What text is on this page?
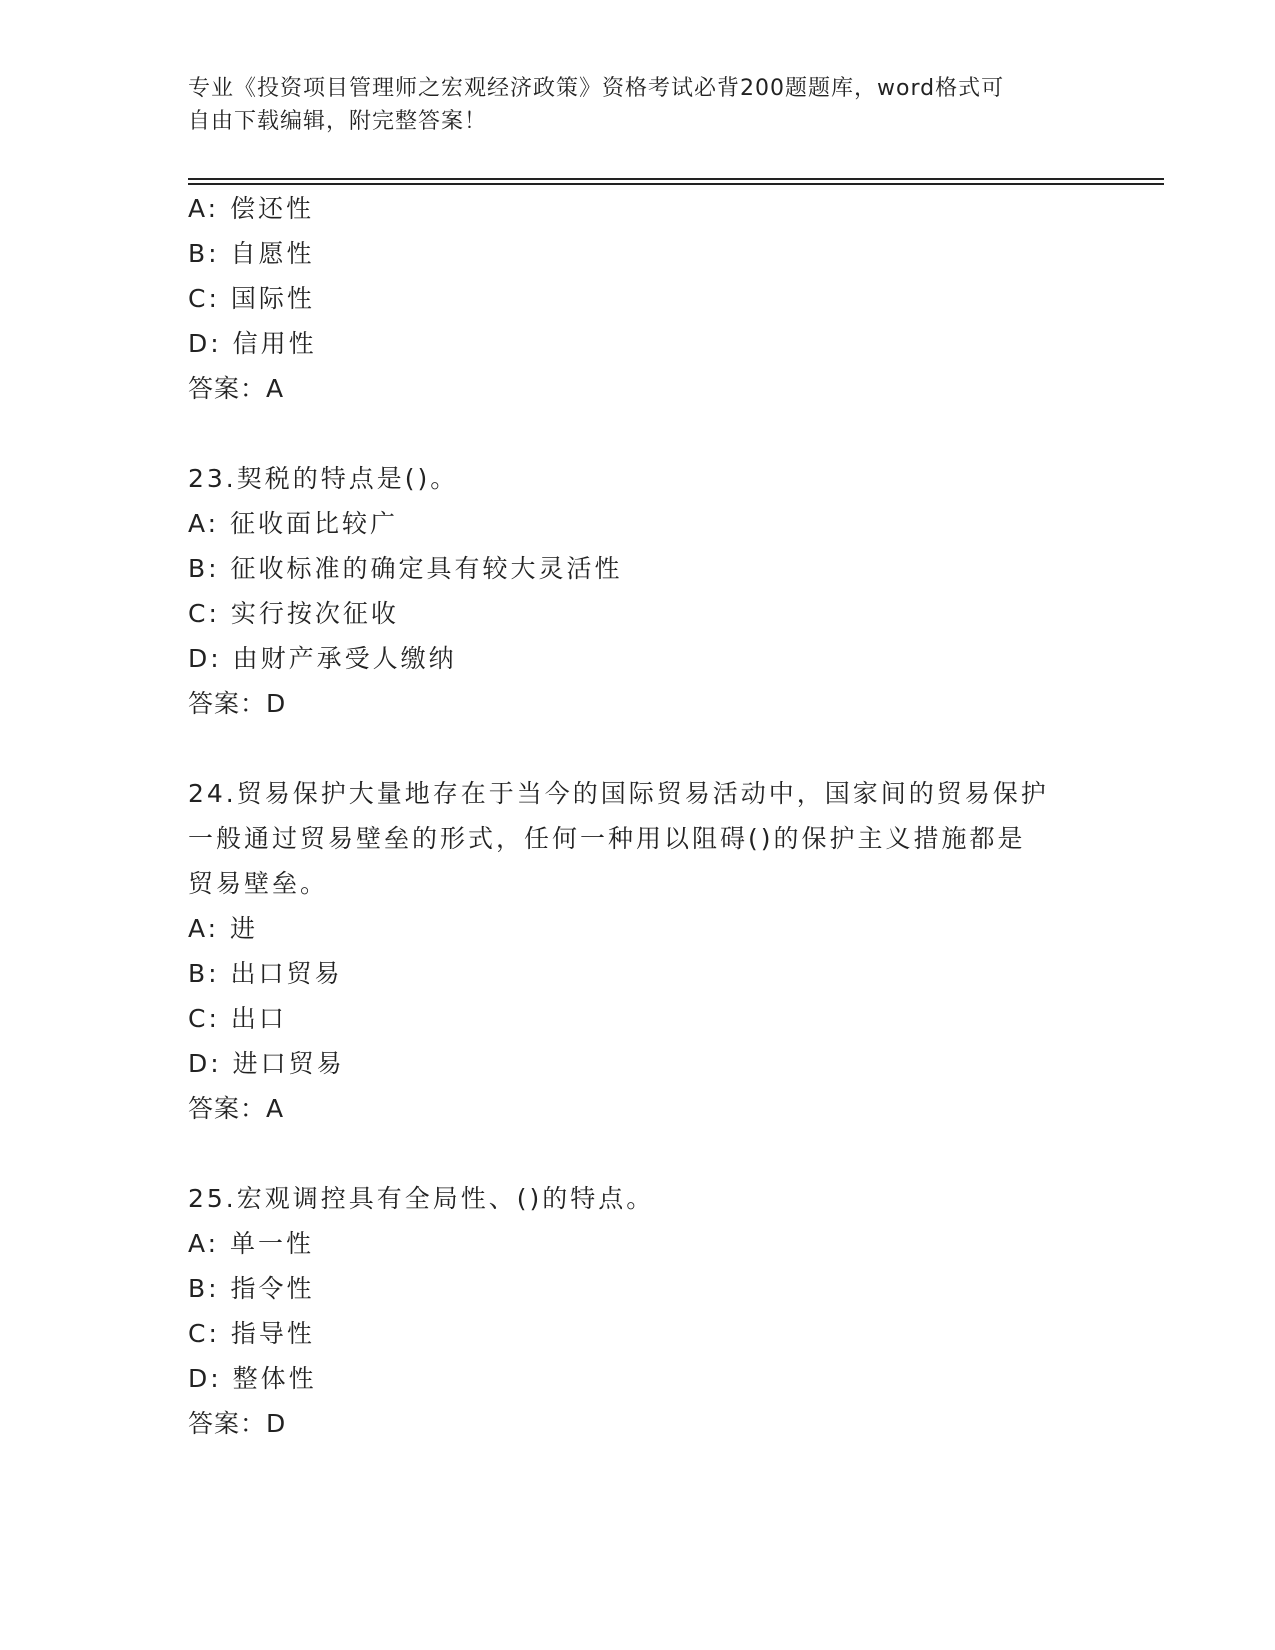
专业《投资项目管理师之宏观经济政策》资格考试必背200题题库，word格式可
自由下载编辑，附完整答案！
A: 偿还性
B: 自愿性
C: 国际性
D: 信用性
答案：A
23.契税的特点是()。
A: 征收面比较广
B: 征收标准的确定具有较大灵活性
C: 实行按次征收
D: 由财产承受人缴纳
答案：D
24.贸易保护大量地存在于当今的国际贸易活动中，国家间的贸易保护
一般通过贸易壁垒的形式，任何一种用以阻碍()的保护主义措施都是
贸易壁垒。
A: 进
B: 出口贸易
C: 出口
D: 进口贸易
答案：A
25.宏观调控具有全局性、()的特点。
A: 单一性
B: 指令性
C: 指导性
D: 整体性
答案：D
